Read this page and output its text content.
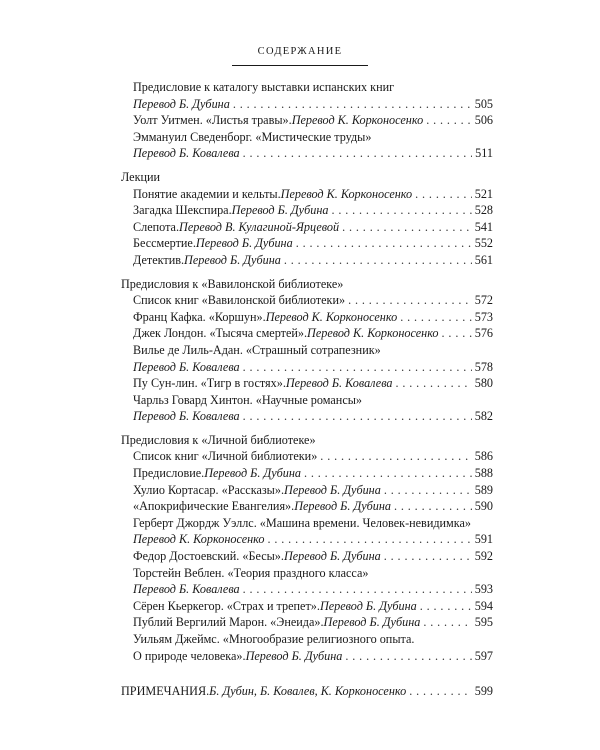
СОДЕРЖАНИЕ
Предисловие к каталогу выставки испанских книг
Перевод Б. Дубина . . .	505
Уолт Уитмен. «Листья травы». Перевод К. Корконосенко . . .	506
Эммануил Сведенборг. «Мистические труды»
Перевод Б. Ковалева . . .	511
Лекции
Понятие академии и кельты. Перевод К. Корконосенко . . .	521
Загадка Шекспира. Перевод Б. Дубина . . .	528
Слепота. Перевод В. Кулагиной-Ярцевой . . .	541
Бессмертие. Перевод Б. Дубина . . .	552
Детектив. Перевод Б. Дубина . . .	561
Предисловия к «Вавилонской библиотеке»
Список книг «Вавилонской библиотеки» . . .	572
Франц Кафка. «Коршун». Перевод К. Корконосенко . . .	573
Джек Лондон. «Тысяча смертей». Перевод К. Корконосенко . . .	576
Вилье де Лиль-Адан. «Страшный сотрапезник»
Перевод Б. Ковалева . . .	578
Пу Сун-лин. «Тигр в гостях». Перевод Б. Ковалева . . .	580
Чарльз Говард Хинтон. «Научные романсы»
Перевод Б. Ковалева . . .	582
Предисловия к «Личной библиотеке»
Список книг «Личной библиотеки» . . .	586
Предисловие. Перевод Б. Дубина . . .	588
Хулио Кортасар. «Рассказы». Перевод Б. Дубина . . .	589
«Апокрифические Евангелия». Перевод Б. Дубина . . .	590
Герберт Джордж Уэллс. «Машина времени. Человек-невидимка»
Перевод К. Корконосенко . . .	591
Федор Достоевский. «Бесы». Перевод Б. Дубина . . .	592
Торстейн Веблен. «Теория праздного класса»
Перевод Б. Ковалева . . .	593
Сёрен Кьеркегор. «Страх и трепет». Перевод Б. Дубина . . .	594
Публий Вергилий Марон. «Энеида». Перевод Б. Дубина . . .	595
Уильям Джеймс. «Многообразие религиозного опыта.
О природе человека». Перевод Б. Дубина . . .	597
ПРИМЕЧАНИЯ. Б. Дубин, Б. Ковалев, К. Корконосенко . . .	599
